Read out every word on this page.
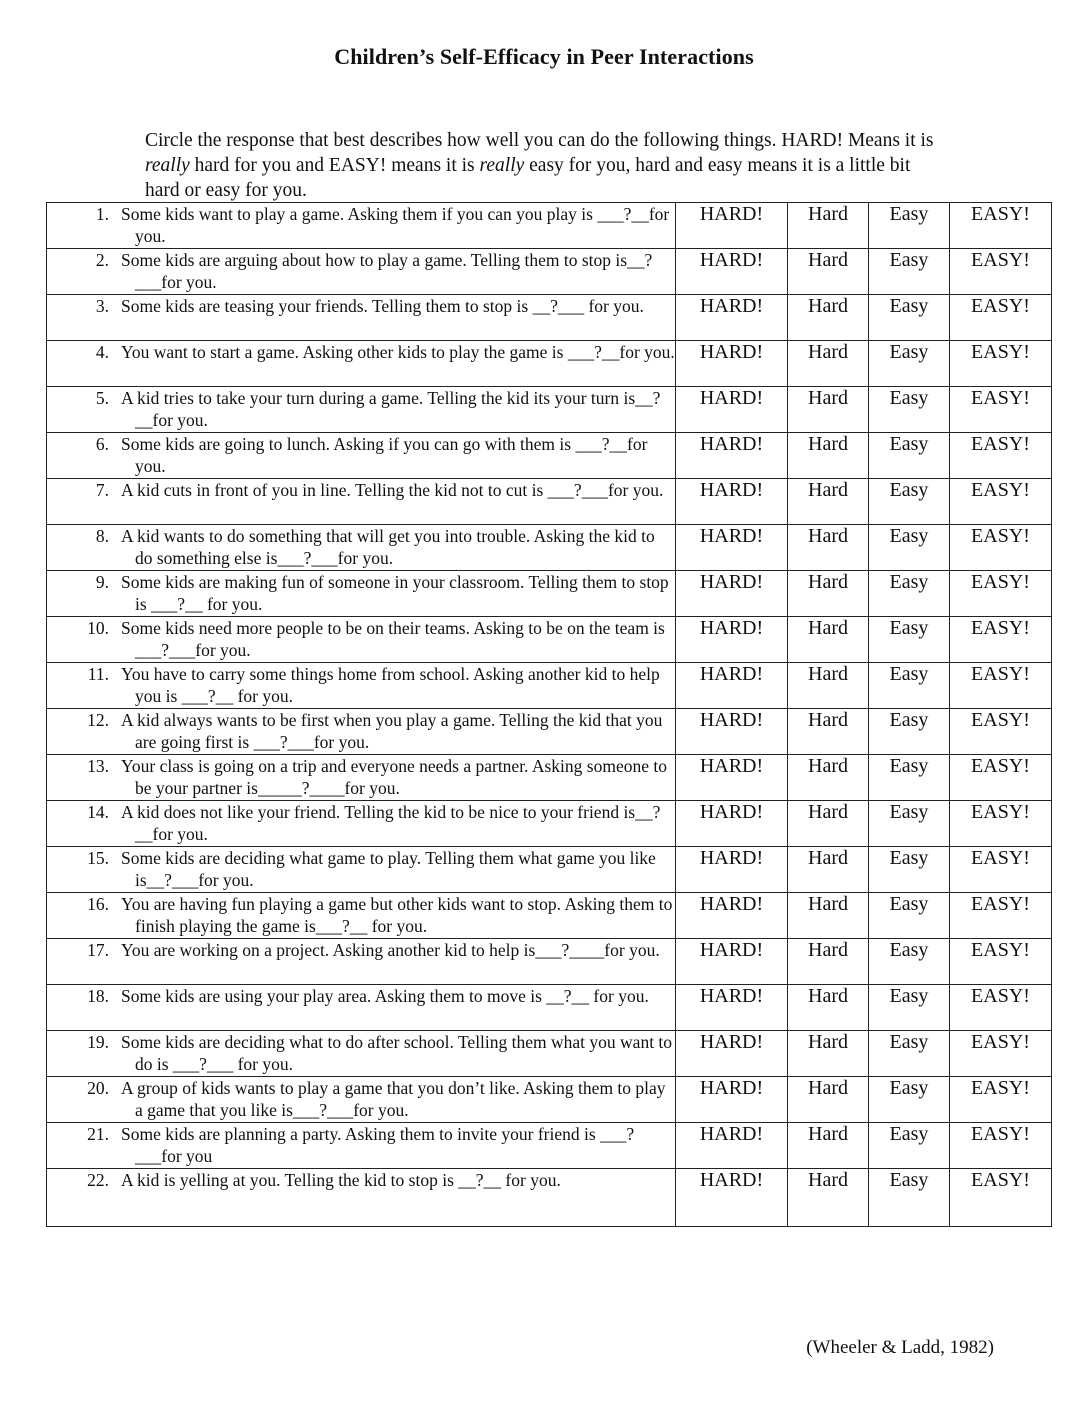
Children’s Self-Efficacy in Peer Interactions
Circle the response that best describes how well you can do the following things. HARD! Means it is really hard for you and EASY! means it is really easy for you, hard and easy means it is a little bit hard or easy for you.
1. Some kids want to play a game. Asking them if you can you play is ___?__for you.	HARD!	Hard	Easy	EASY!

2. Some kids are arguing about how to play a game. Telling them to stop is__?___for you.	HARD!	Hard	Easy	EASY!

3. Some kids are teasing your friends. Telling them to stop is __?___ for you.	HARD!	Hard	Easy	EASY!

4. You want to start a game. Asking other kids to play the game is ___?__for you.	HARD!	Hard	Easy	EASY!

5. A kid tries to take your turn during a game. Telling the kid its your turn is__?__for you.	HARD!	Hard	Easy	EASY!

6. Some kids are going to lunch. Asking if you can go with them is ___?__for you.	HARD!	Hard	Easy	EASY!

7. A kid cuts in front of you in line. Telling the kid not to cut is ___?___for you.	HARD!	Hard	Easy	EASY!

8. A kid wants to do something that will get you into trouble. Asking the kid to do something else is___?___for you.	HARD!	Hard	Easy	EASY!

9. Some kids are making fun of someone in your classroom. Telling them to stop is ___?__ for you.	HARD!	Hard	Easy	EASY!

10. Some kids need more people to be on their teams. Asking to be on the team is ___?___for you.	HARD!	Hard	Easy	EASY!

11. You have to carry some things home from school. Asking another kid to help you is ___?__ for you.	HARD!	Hard	Easy	EASY!

12. A kid always wants to be first when you play a game. Telling the kid that you are going first is ___?___for you.	HARD!	Hard	Easy	EASY!

13. Your class is going on a trip and everyone needs a partner. Asking someone to be your partner is_____?____for you.	HARD!	Hard	Easy	EASY!

14. A kid does not like your friend. Telling the kid to be nice to your friend is__?__for you.	HARD!	Hard	Easy	EASY!

15. Some kids are deciding what game to play. Telling them what game you like is__?___for you.	HARD!	Hard	Easy	EASY!

16. You are having fun playing a game but other kids want to stop. Asking them to finish playing the game is___?__ for you.	HARD!	Hard	Easy	EASY!

17. You are working on a project. Asking another kid to help is___?____for you.	HARD!	Hard	Easy	EASY!

18. Some kids are using your play area. Asking them to move is __?__ for you.	HARD!	Hard	Easy	EASY!

19. Some kids are deciding what to do after school. Telling them what you want to do is ___?___ for you.	HARD!	Hard	Easy	EASY!

20. A group of kids wants to play a game that you don’t like. Asking them to play a game that you like is___?___for you.	HARD!	Hard	Easy	EASY!

21. Some kids are planning a party. Asking them to invite your friend is ___?___for you	HARD!	Hard	Easy	EASY!

22. A kid is yelling at you. Telling the kid to stop is __?__ for you.	HARD!	Hard	Easy	EASY!
(Wheeler & Ladd, 1982)
